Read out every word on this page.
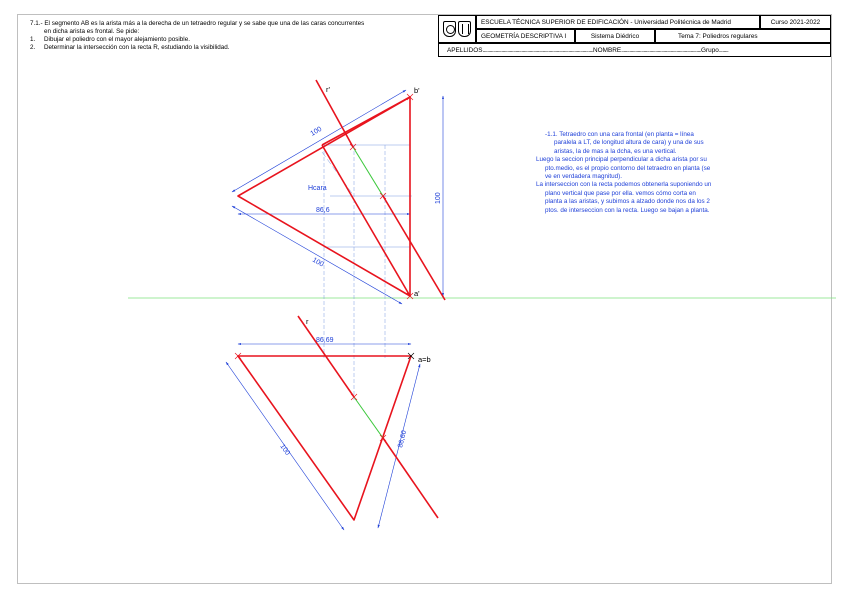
7.1.- El segmento AB es la arista más a la derecha de un tetraedro regular y se sabe que una de las caras concurrentes
en dicha arista es frontal. Se pide:
1. Dibujar el poliedro con el mayor alejamiento posible.
2. Determinar la intersección con la recta R, estudiando la visibilidad.
ESCUELA TÉCNICA SUPERIOR DE EDIFICACIÓN - Universidad Politécnica de Madrid	Curso 2021-2022
GEOMETRÍA DESCRIPTIVA I	Sistema Diédrico	Tema 7: Poliedros regulares
APELLIDOS .............................................................................................. NOMBRE .................................................................... Grupo ........
-1.1. Tetraedro con una cara frontal (en planta = línea paralela a LT, de longitud altura de cara) y una de sus aristas, la de mas a la dcha, es una vertical.
Luego la seccion principal perpendicular a dicha arista por su pto.medio, es el propio contorno del tetraedro en planta (se ve en verdadera magnitud).
La interseccion con la recta podemos obtenerla suponiendo un plano vertical que pase por ella. vemos cómo corta en planta a las aristas, y subimos a alzado donde nos da los 2 ptos. de interseccion con la recta. Luego se bajan a planta.
r'	b'
a'
r
a=b
Hcara
100
100
86,6
100
86,69
100
86,60
